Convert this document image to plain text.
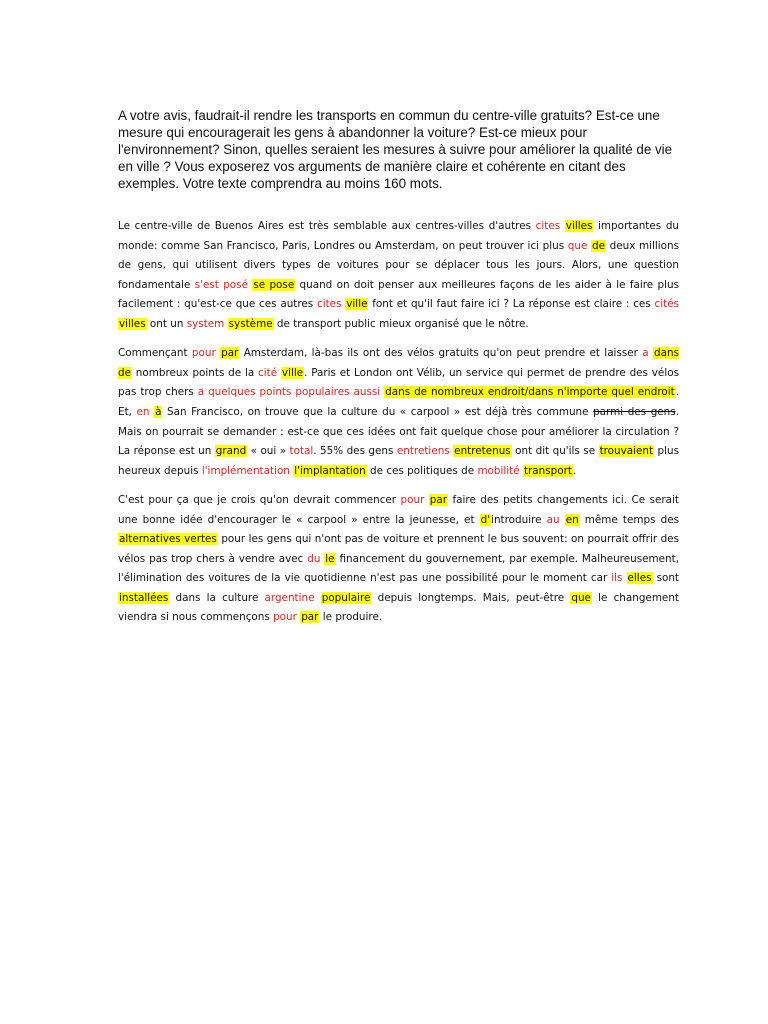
A votre avis, faudrait-il rendre les transports en commun du centre-ville gratuits? Est-ce une mesure qui encouragerait les gens à abandonner la voiture? Est-ce mieux pour l'environnement? Sinon, quelles seraient les mesures à suivre pour améliorer la qualité de vie en ville ? Vous exposerez vos arguments de manière claire et cohérente en citant des exemples. Votre texte comprendra au moins 160 mots.

Le centre-ville de Buenos Aires est très semblable aux centres-villes d'autres cites villes importantes du monde: comme San Francisco, Paris, Londres ou Amsterdam, on peut trouver ici plus que de deux millions de gens, qui utilisent divers types de voitures pour se déplacer tous les jours. Alors, une question fondamentale s'est posé se pose quand on doit penser aux meilleures façons de les aider à le faire plus facilement : qu'est-ce que ces autres cites ville font et qu'il faut faire ici ? La réponse est claire : ces cités villes ont un system système de transport public mieux organisé que le nôtre.

Commençant pour par Amsterdam, là-bas ils ont des vélos gratuits qu'on peut prendre et laisser a dans de nombreux points de la cité ville. Paris et London ont Vélib, un service qui permet de prendre des vélos pas trop chers a quelques points populaires aussi dans de nombreux endroit/dans n'importe quel endroit. Et, en à San Francisco, on trouve que la culture du « carpool » est déjà très commune parmi des gens. Mais on pourrait se demander : est-ce que ces idées ont fait quelque chose pour améliorer la circulation ? La réponse est un grand « oui » total. 55% des gens entretiens entretenus ont dit qu'ils se trouvaient plus heureux depuis l'implémentation l'implantation de ces politiques de mobilité transport.

C'est pour ça que je crois qu'on devrait commencer pour par faire des petits changements ici. Ce serait une bonne idée d'encourager le « carpool » entre la jeunesse, et d'introduire au en même temps des alternatives vertes pour les gens qui n'ont pas de voiture et prennent le bus souvent: on pourrait offrir des vélos pas trop chers à vendre avec du le financement du gouvernement, par exemple. Malheureusement, l'élimination des voitures de la vie quotidienne n'est pas une possibilité pour le moment car ils elles sont installées dans la culture argentine populaire depuis longtemps. Mais, peut-être que le changement viendra si nous commençons pour par le produire.
